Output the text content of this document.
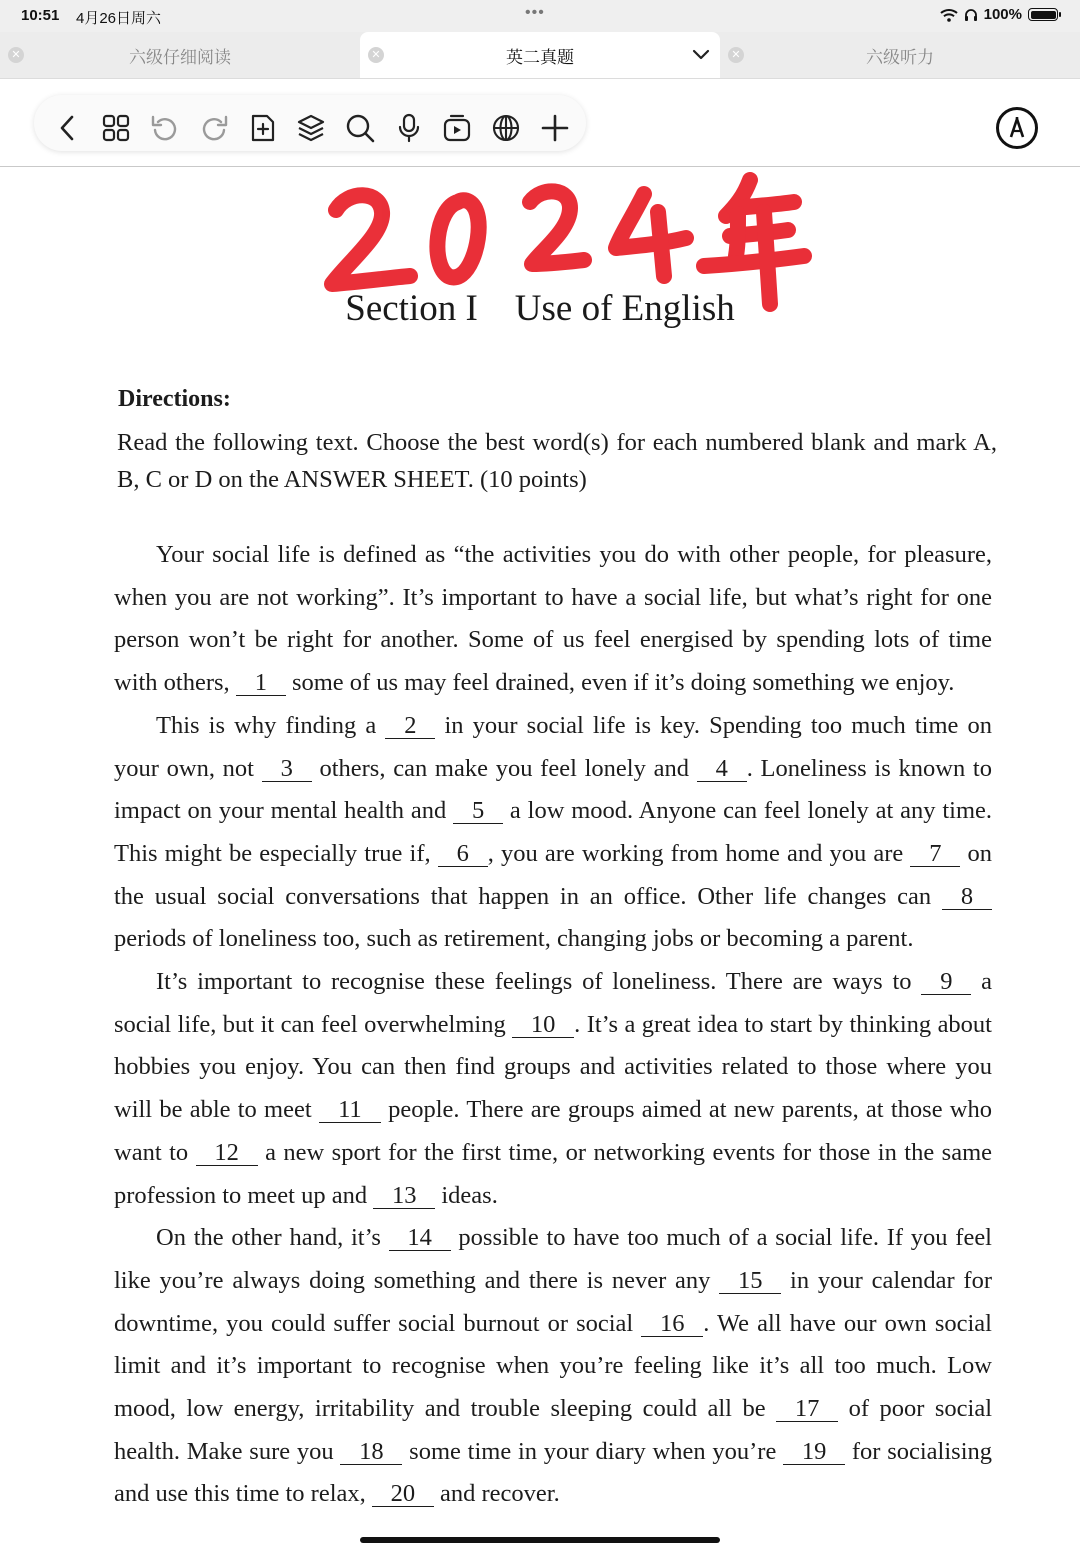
10:51 4月26日周六	•••	100%
✕	六级仔细阅读	✕	英二真题	✕	六级听力
Section I    Use of English
Directions:
Read the following text. Choose the best word(s) for each numbered blank and mark A, B, C or D on the ANSWER SHEET. (10 points)

Your social life is defined as “the activities you do with other people, for pleasure, when you are not working”. It’s important to have a social life, but what’s right for one person won’t be right for another. Some of us feel energised by spending lots of time with others, 1 some of us may feel drained, even if it’s doing something we enjoy.

This is why finding a 2 in your social life is key. Spending too much time on your own, not 3 others, can make you feel lonely and 4 . Loneliness is known to impact on your mental health and 5 a low mood. Anyone can feel lonely at any time. This might be especially true if, 6 , you are working from home and you are 7 on the usual social conversations that happen in an office. Other life changes can 8 periods of loneliness too, such as retirement, changing jobs or becoming a parent.

It’s important to recognise these feelings of loneliness. There are ways to 9 a social life, but it can feel overwhelming 10 . It’s a great idea to start by thinking about hobbies you enjoy. You can then find groups and activities related to those where you will be able to meet 11 people. There are groups aimed at new parents, at those who want to 12 a new sport for the first time, or networking events for those in the same profession to meet up and 13 ideas.

On the other hand, it’s 14 possible to have too much of a social life. If you feel like you’re always doing something and there is never any 15 in your calendar for downtime, you could suffer social burnout or social 16 . We all have our own social limit and it’s important to recognise when you’re feeling like it’s all too much. Low mood, low energy, irritability and trouble sleeping could all be 17 of poor social health. Make sure you 18 some time in your diary when you’re 19 for socialising and use this time to relax, 20 and recover.
